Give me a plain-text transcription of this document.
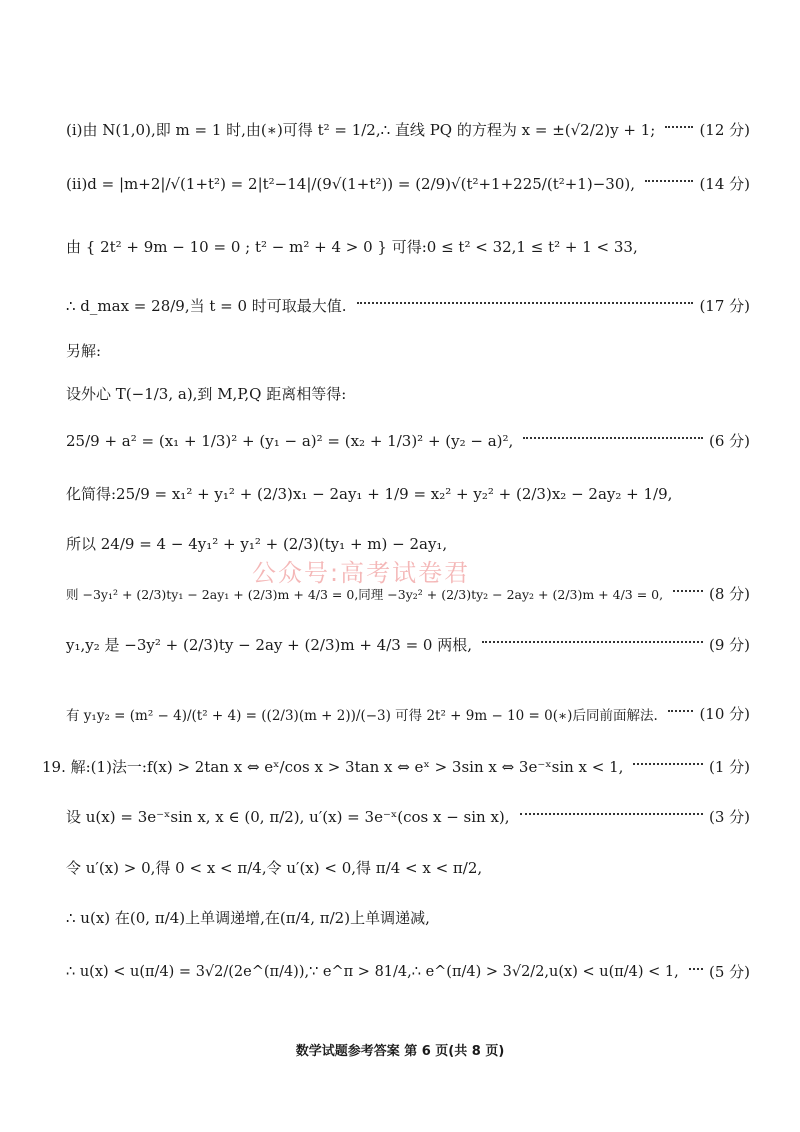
(ⅰ)由 N(1,0),即 m = 1 时,由(∗)可得 t² = 1/2,∴ 直线 PQ 的方程为 x = ±(√2/2)y + 1;	(12 分)
(ⅱ)d = |m+2|/√(1+t²) = 2|t²−14|/(9√(1+t²)) = (2/9)√(t²+1+225/(t²+1)−30),	(14 分)
由 { 2t² + 9m − 10 = 0 ; t² − m² + 4 > 0 } 可得:0 ≤ t² < 32,1 ≤ t² + 1 < 33,
∴ d_max = 28/9,当 t = 0 时可取最大值.	(17 分)
另解:
设外心 T(−1/3, a),到 M,P,Q 距离相等得:
25/9 + a² = (x₁ + 1/3)² + (y₁ − a)² = (x₂ + 1/3)² + (y₂ − a)²,	(6 分)
化简得:25/9 = x₁² + y₁² + (2/3)x₁ − 2ay₁ + 1/9 = x₂² + y₂² + (2/3)x₂ − 2ay₂ + 1/9,
所以 24/9 = 4 − 4y₁² + y₁² + (2/3)(ty₁ + m) − 2ay₁,
则 −3y₁² + (2/3)ty₁ − 2ay₁ + (2/3)m + 4/3 = 0,同理 −3y₂² + (2/3)ty₂ − 2ay₂ + (2/3)m + 4/3 = 0,	(8 分)
y₁,y₂ 是 −3y² + (2/3)ty − 2ay + (2/3)m + 4/3 = 0 两根,	(9 分)
有 y₁y₂ = (m² − 4)/(t² + 4) = ((2/3)(m + 2))/(−3) 可得 2t² + 9m − 10 = 0(∗)后同前面解法.	(10 分)
19. 解:(1)法一:f(x) > 2tan x ⇔ eˣ/cos x > 3tan x ⇔ eˣ > 3sin x ⇔ 3e⁻ˣsin x < 1,	(1 分)
设 u(x) = 3e⁻ˣsin x, x ∈ (0, π/2), u′(x) = 3e⁻ˣ(cos x − sin x),	(3 分)
令 u′(x) > 0,得 0 < x < π/4,令 u′(x) < 0,得 π/4 < x < π/2,
∴ u(x) 在(0, π/4)上单调递增,在(π/4, π/2)上单调递减,
∴ u(x) < u(π/4) = 3√2/(2e^(π/4)),∵ e^π > 81/4,∴ e^(π/4) > 3√2/2,u(x) < u(π/4) < 1, (5 分)
公众号:高考试卷君
数学试题参考答案 第 6 页(共 8 页)
